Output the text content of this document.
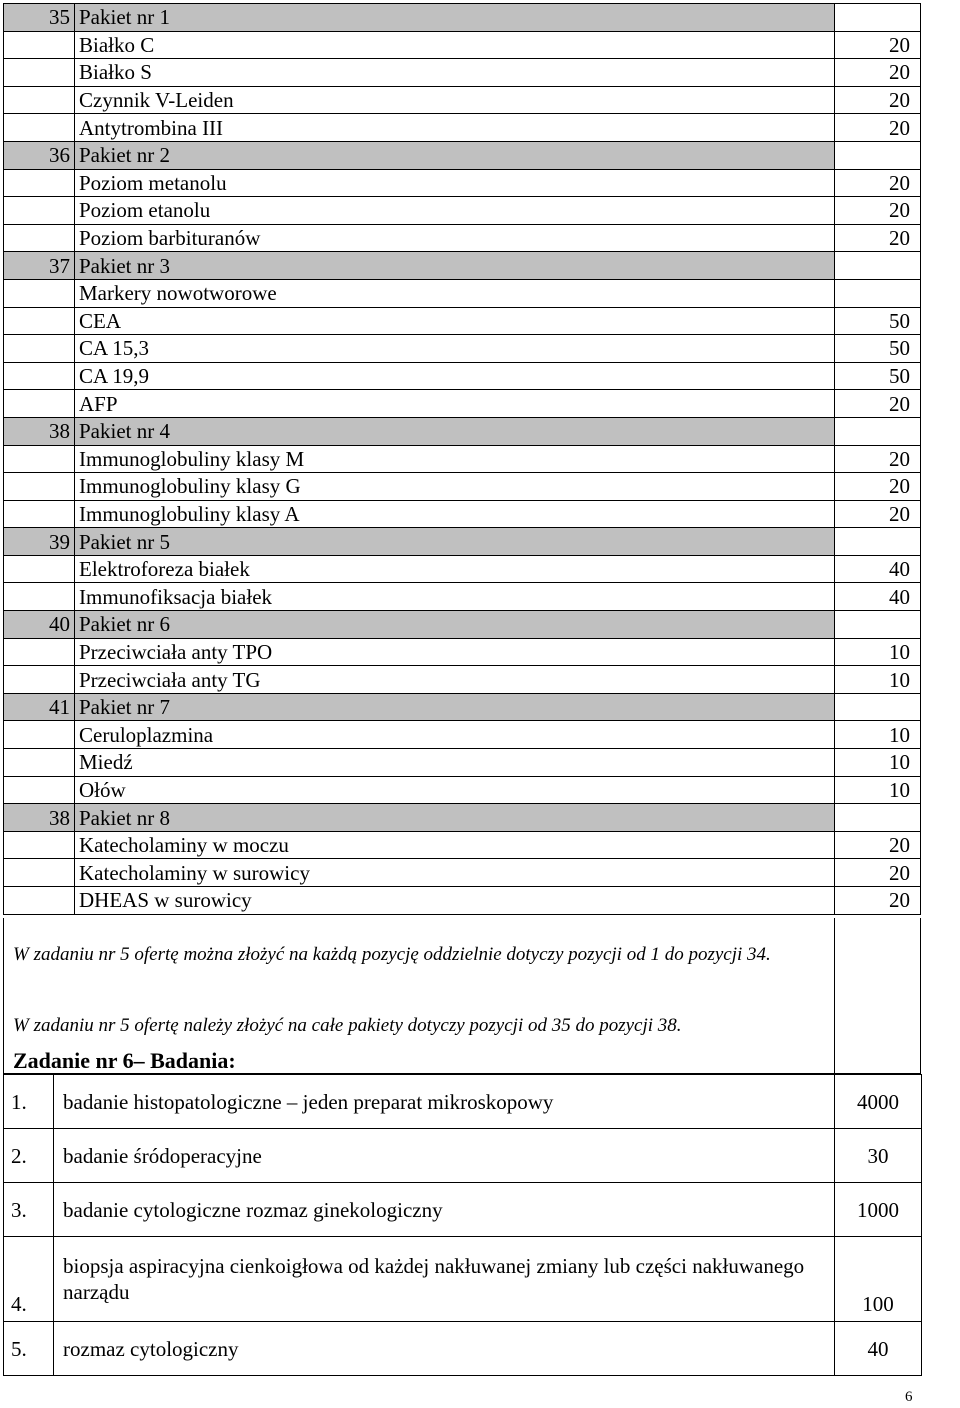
35	Pakiet nr 1	
	Białko C	20
	Białko S	20
	Czynnik V-Leiden	20
	Antytrombina III	20
36	Pakiet nr 2	
	Poziom metanolu	20
	Poziom etanolu	20
	Poziom barbituranów	20
37	Pakiet nr 3	
	Markery nowotworowe	
	CEA	50
	CA 15,3	50
	CA 19,9	50
	AFP	20
38	Pakiet nr 4	
	Immunoglobuliny klasy M	20
	Immunoglobuliny klasy G	20
	Immunoglobuliny klasy A	20
39	Pakiet nr 5	
	Elektroforeza białek	40
	Immunofiksacja białek	40
40	Pakiet nr 6	
	Przeciwciała anty TPO	10
	Przeciwciała anty TG	10
41	Pakiet nr 7	
	Ceruloplazmina	10
	Miedź	10
	Ołów	10
38	Pakiet nr 8	
	Katecholaminy w moczu	20
	Katecholaminy w surowicy	20
	DHEAS w surowicy	20
W zadaniu nr 5 ofertę można złożyć na każdą pozycję oddzielnie dotyczy pozycji od 1 do pozycji 34.
W zadaniu nr 5 ofertę należy złożyć na całe pakiety dotyczy pozycji od 35 do pozycji 38.
Zadanie nr 6– Badania:
1.	badanie histopatologiczne – jeden preparat mikroskopowy	4000
2.	badanie śródoperacyjne	30
3.	badanie cytologiczne rozmaz ginekologiczny	1000
4.	biopsja aspiracyjna cienkoigłowa od każdej nakłuwanej zmiany lub części nakłuwanego narządu	100
5.	rozmaz cytologiczny	40
6
